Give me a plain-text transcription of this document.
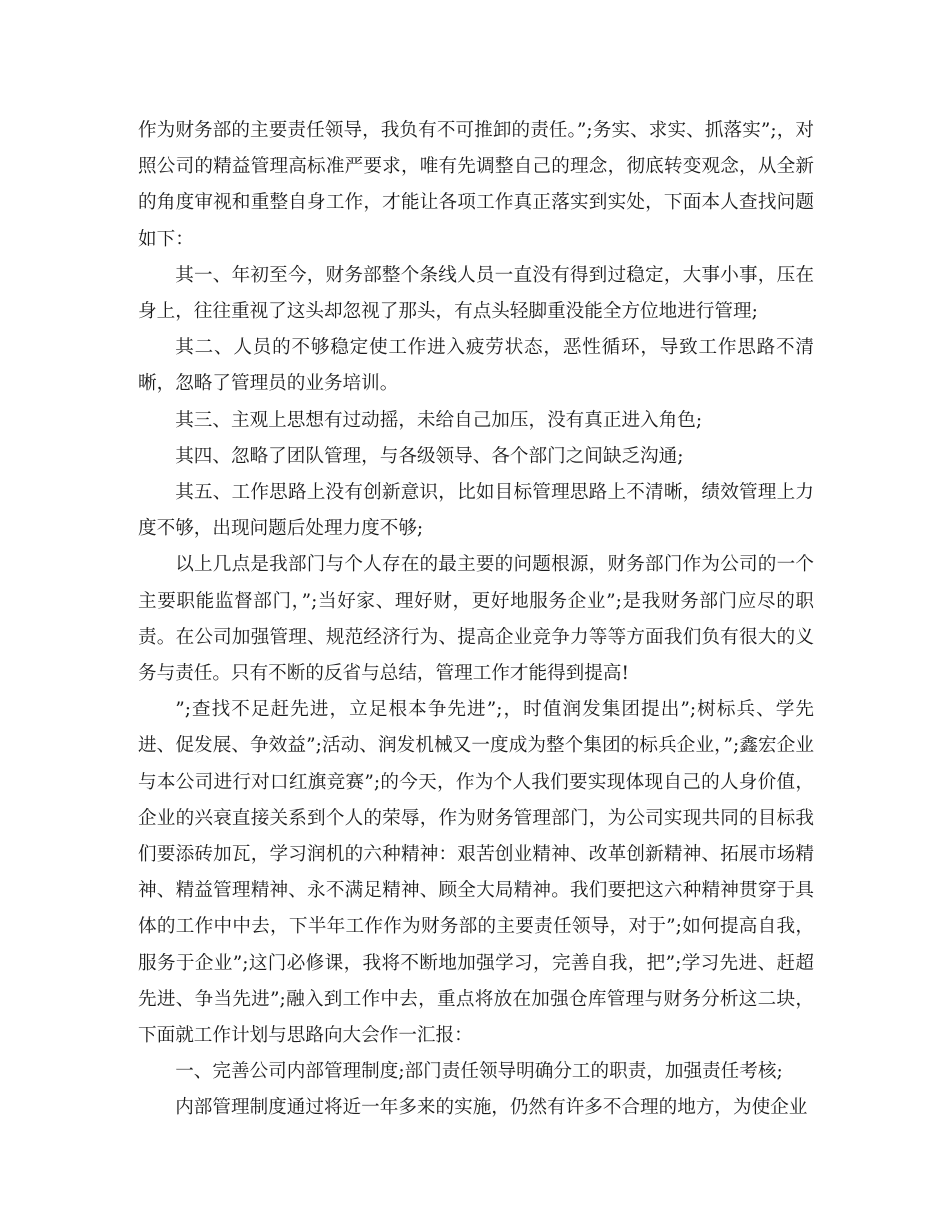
作为财务部的主要责任领导，我负有不可推卸的责任。”;务实、求实、抓落实”;，对照公司的精益管理高标准严要求，唯有先调整自己的理念，彻底转变观念，从全新的角度审视和重整自身工作，才能让各项工作真正落实到实处，下面本人查找问题如下：

其一、年初至今，财务部整个条线人员一直没有得到过稳定，大事小事，压在身上，往往重视了这头却忽视了那头，有点头轻脚重没能全方位地进行管理;

其二、人员的不够稳定使工作进入疲劳状态，恶性循环，导致工作思路不清晰，忽略了管理员的业务培训。

其三、主观上思想有过动摇，未给自己加压，没有真正进入角色;

其四、忽略了团队管理，与各级领导、各个部门之间缺乏沟通;

其五、工作思路上没有创新意识，比如目标管理思路上不清晰，绩效管理上力度不够，出现问题后处理力度不够;

以上几点是我部门与个人存在的最主要的问题根源，财务部门作为公司的一个主要职能监督部门，”;当好家、理好财，更好地服务企业”;是我财务部门应尽的职责。在公司加强管理、规范经济行为、提高企业竞争力等等方面我们负有很大的义务与责任。只有不断的反省与总结，管理工作才能得到提高!

”;查找不足赶先进，立足根本争先进”;，时值润发集团提出”;树标兵、学先进、促发展、争效益”;活动、润发机械又一度成为整个集团的标兵企业，”;鑫宏企业与本公司进行对口红旗竞赛”;的今天，作为个人我们要实现体现自己的人身价值，企业的兴衰直接关系到个人的荣辱，作为财务管理部门，为公司实现共同的目标我们要添砖加瓦，学习润机的六种精神：艰苦创业精神、改革创新精神、拓展市场精神、精益管理精神、永不满足精神、顾全大局精神。我们要把这六种精神贯穿于具体的工作中中去，下半年工作作为财务部的主要责任领导，对于”;如何提高自我，服务于企业”;这门必修课，我将不断地加强学习，完善自我，把”;学习先进、赶超先进、争当先进”;融入到工作中去，重点将放在加强仓库管理与财务分析这二块，下面就工作计划与思路向大会作一汇报：

一、完善公司内部管理制度;部门责任领导明确分工的职责，加强责任考核;

内部管理制度通过将近一年多来的实施，仍然有许多不合理的地方，为使企业
